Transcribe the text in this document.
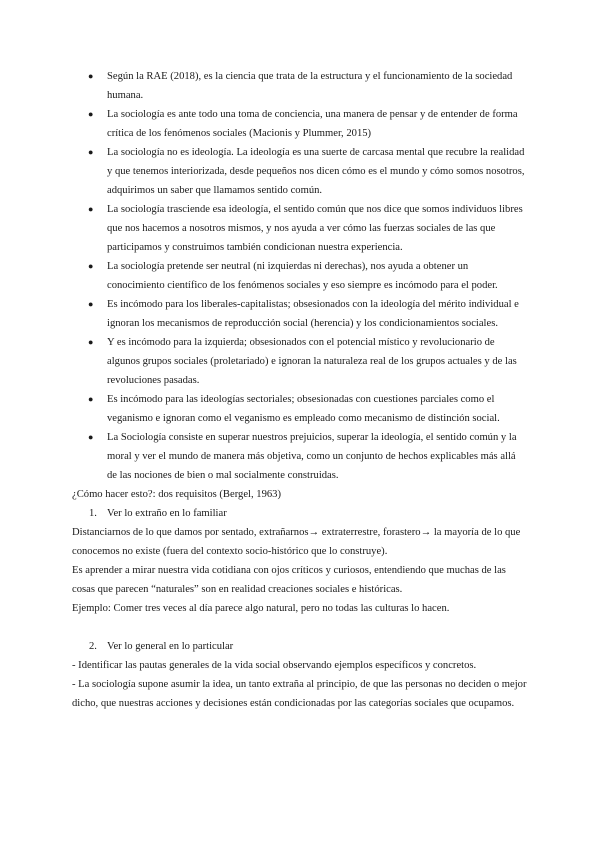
● Según la RAE (2018), es la ciencia que trata de la estructura y el funcionamiento de la sociedad humana.
● La sociología es ante todo una toma de conciencia, una manera de pensar y de entender de forma crítica de los fenómenos sociales (Macionis y Plummer, 2015)
● La sociología no es ideología. La ideología es una suerte de carcasa mental que recubre la realidad y que tenemos interiorizada, desde pequeños nos dicen cómo es el mundo y cómo somos nosotros, adquirimos un saber que llamamos sentido común.
● La sociología trasciende esa ideología, el sentido común que nos dice que somos individuos libres que nos hacemos a nosotros mismos, y nos ayuda a ver cómo las fuerzas sociales de las que participamos y construimos también condicionan nuestra experiencia.
● La sociología pretende ser neutral (ni izquierdas ni derechas), nos ayuda a obtener un conocimiento científico de los fenómenos sociales y eso siempre es incómodo para el poder.
● Es incómodo para los liberales-capitalistas; obsesionados con la ideología del mérito individual e ignoran los mecanismos de reproducción social (herencia) y los condicionamientos sociales.
● Y es incómodo para la izquierda; obsesionados con el potencial místico y revolucionario de algunos grupos sociales (proletariado) e ignoran la naturaleza real de los grupos actuales y de las revoluciones pasadas.
● Es incómodo para las ideologías sectoriales; obsesionadas con cuestiones parciales como el veganismo e ignoran como el veganismo es empleado como mecanismo de distinción social.
● La Sociología consiste en superar nuestros prejuicios, superar la ideología, el sentido común y la moral y ver el mundo de manera más objetiva, como un conjunto de hechos explicables más allá de las nociones de bien o mal socialmente construidas.

¿Cómo hacer esto?: dos requisitos (Bergel, 1963)

1. Ver lo extraño en lo familiar

Distanciarnos de lo que damos por sentado, extrañarnos→ extraterrestre, forastero→ la mayoría de lo que conocemos no existe (fuera del contexto socio-histórico que lo construye).

Es aprender a mirar nuestra vida cotidiana con ojos críticos y curiosos, entendiendo que muchas de las cosas que parecen “naturales” son en realidad creaciones sociales e históricas.

Ejemplo: Comer tres veces al día parece algo natural, pero no todas las culturas lo hacen.

2. Ver lo general en lo particular

- Identificar las pautas generales de la vida social observando ejemplos específicos y concretos.

- La sociología supone asumir la idea, un tanto extraña al principio, de que las personas no deciden o mejor dicho, que nuestras acciones y decisiones están condicionadas por las categorías sociales que ocupamos.
